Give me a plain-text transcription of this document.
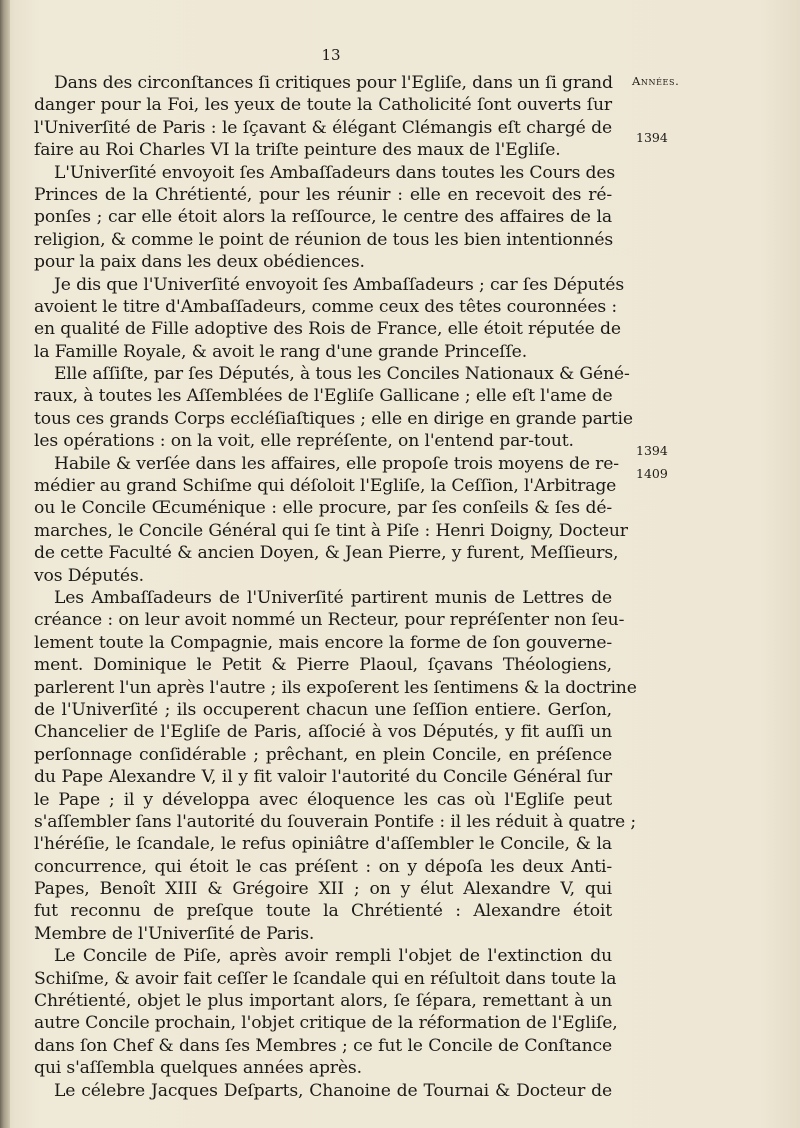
13
Années.
1394
1394
1409
Dans des circonſtances ſi critiques pour l'Egliſe, dans un ſi grand
danger pour la Foi, les yeux de toute la Catholicité ſont ouverts ſur
l'Univerſité de Paris : le ſçavant & élégant Clémangis eſt chargé de
faire au Roi Charles VI la triſte peinture des maux de l'Egliſe.
L'Univerſité envoyoit ſes Ambaſſadeurs dans toutes les Cours des
Princes de la Chrétienté, pour les réunir : elle en recevoit des ré-
ponſes ; car elle étoit alors la reſſource, le centre des affaires de la
religion, & comme le point de réunion de tous les bien intentionnés
pour la paix dans les deux obédiences.
Je dis que l'Univerſité envoyoit ſes Ambaſſadeurs ; car ſes Députés
avoient le titre d'Ambaſſadeurs, comme ceux des têtes couronnées :
en qualité de Fille adoptive des Rois de France, elle étoit réputée de
la Famille Royale, & avoit le rang d'une grande Princeſſe.
Elle aſſiſte, par ſes Députés, à tous les Conciles Nationaux & Géné-
raux, à toutes les Aſſemblées de l'Egliſe Gallicane ; elle eſt l'ame de
tous ces grands Corps eccléſiaſtiques ; elle en dirige en grande partie
les opérations : on la voit, elle repréſente, on l'entend par-tout.
Habile & verſée dans les affaires, elle propoſe trois moyens de re-
médier au grand Schiſme qui déſoloit l'Egliſe, la Ceſſion, l'Arbitrage
ou le Concile Œcuménique : elle procure, par ſes conſeils & ſes dé-
marches, le Concile Général qui ſe tint à Piſe : Henri Doigny, Docteur
de cette Faculté & ancien Doyen, & Jean Pierre, y furent, Meſſieurs,
vos Députés.
Les Ambaſſadeurs de l'Univerſité partirent munis de Lettres de
créance : on leur avoit nommé un Recteur, pour repréſenter non ſeu-
lement toute la Compagnie, mais encore la forme de ſon gouverne-
ment. Dominique le Petit & Pierre Plaoul, ſçavans Théologiens,
parlerent l'un après l'autre ; ils expoſerent les ſentimens & la doctrine
de l'Univerſité ; ils occuperent chacun une ſeſſion entiere. Gerſon,
Chancelier de l'Egliſe de Paris, aſſocié à vos Députés, y fit auſſi un
perſonnage conſidérable ; prêchant, en plein Concile, en préſence
du Pape Alexandre V, il y fit valoir l'autorité du Concile Général ſur
le Pape ; il y développa avec éloquence les cas où l'Egliſe peut
s'aſſembler ſans l'autorité du ſouverain Pontife : il les réduit à quatre ;
l'héréſie, le ſcandale, le refus opiniâtre d'aſſembler le Concile, & la
concurrence, qui étoit le cas préſent : on y dépoſa les deux Anti-
Papes, Benoît XIII & Grégoire XII ; on y élut Alexandre V, qui
fut reconnu de preſque toute la Chrétienté : Alexandre étoit
Membre de l'Univerſité de Paris.
Le Concile de Piſe, après avoir rempli l'objet de l'extinction du
Schiſme, & avoir fait ceſſer le ſcandale qui en réſultoit dans toute la
Chrétienté, objet le plus important alors, ſe ſépara, remettant à un
autre Concile prochain, l'objet critique de la réformation de l'Egliſe,
dans ſon Chef & dans ſes Membres ; ce fut le Concile de Conſtance
qui s'aſſembla quelques années après.
Le célebre Jacques Deſparts, Chanoine de Tournai & Docteur de
